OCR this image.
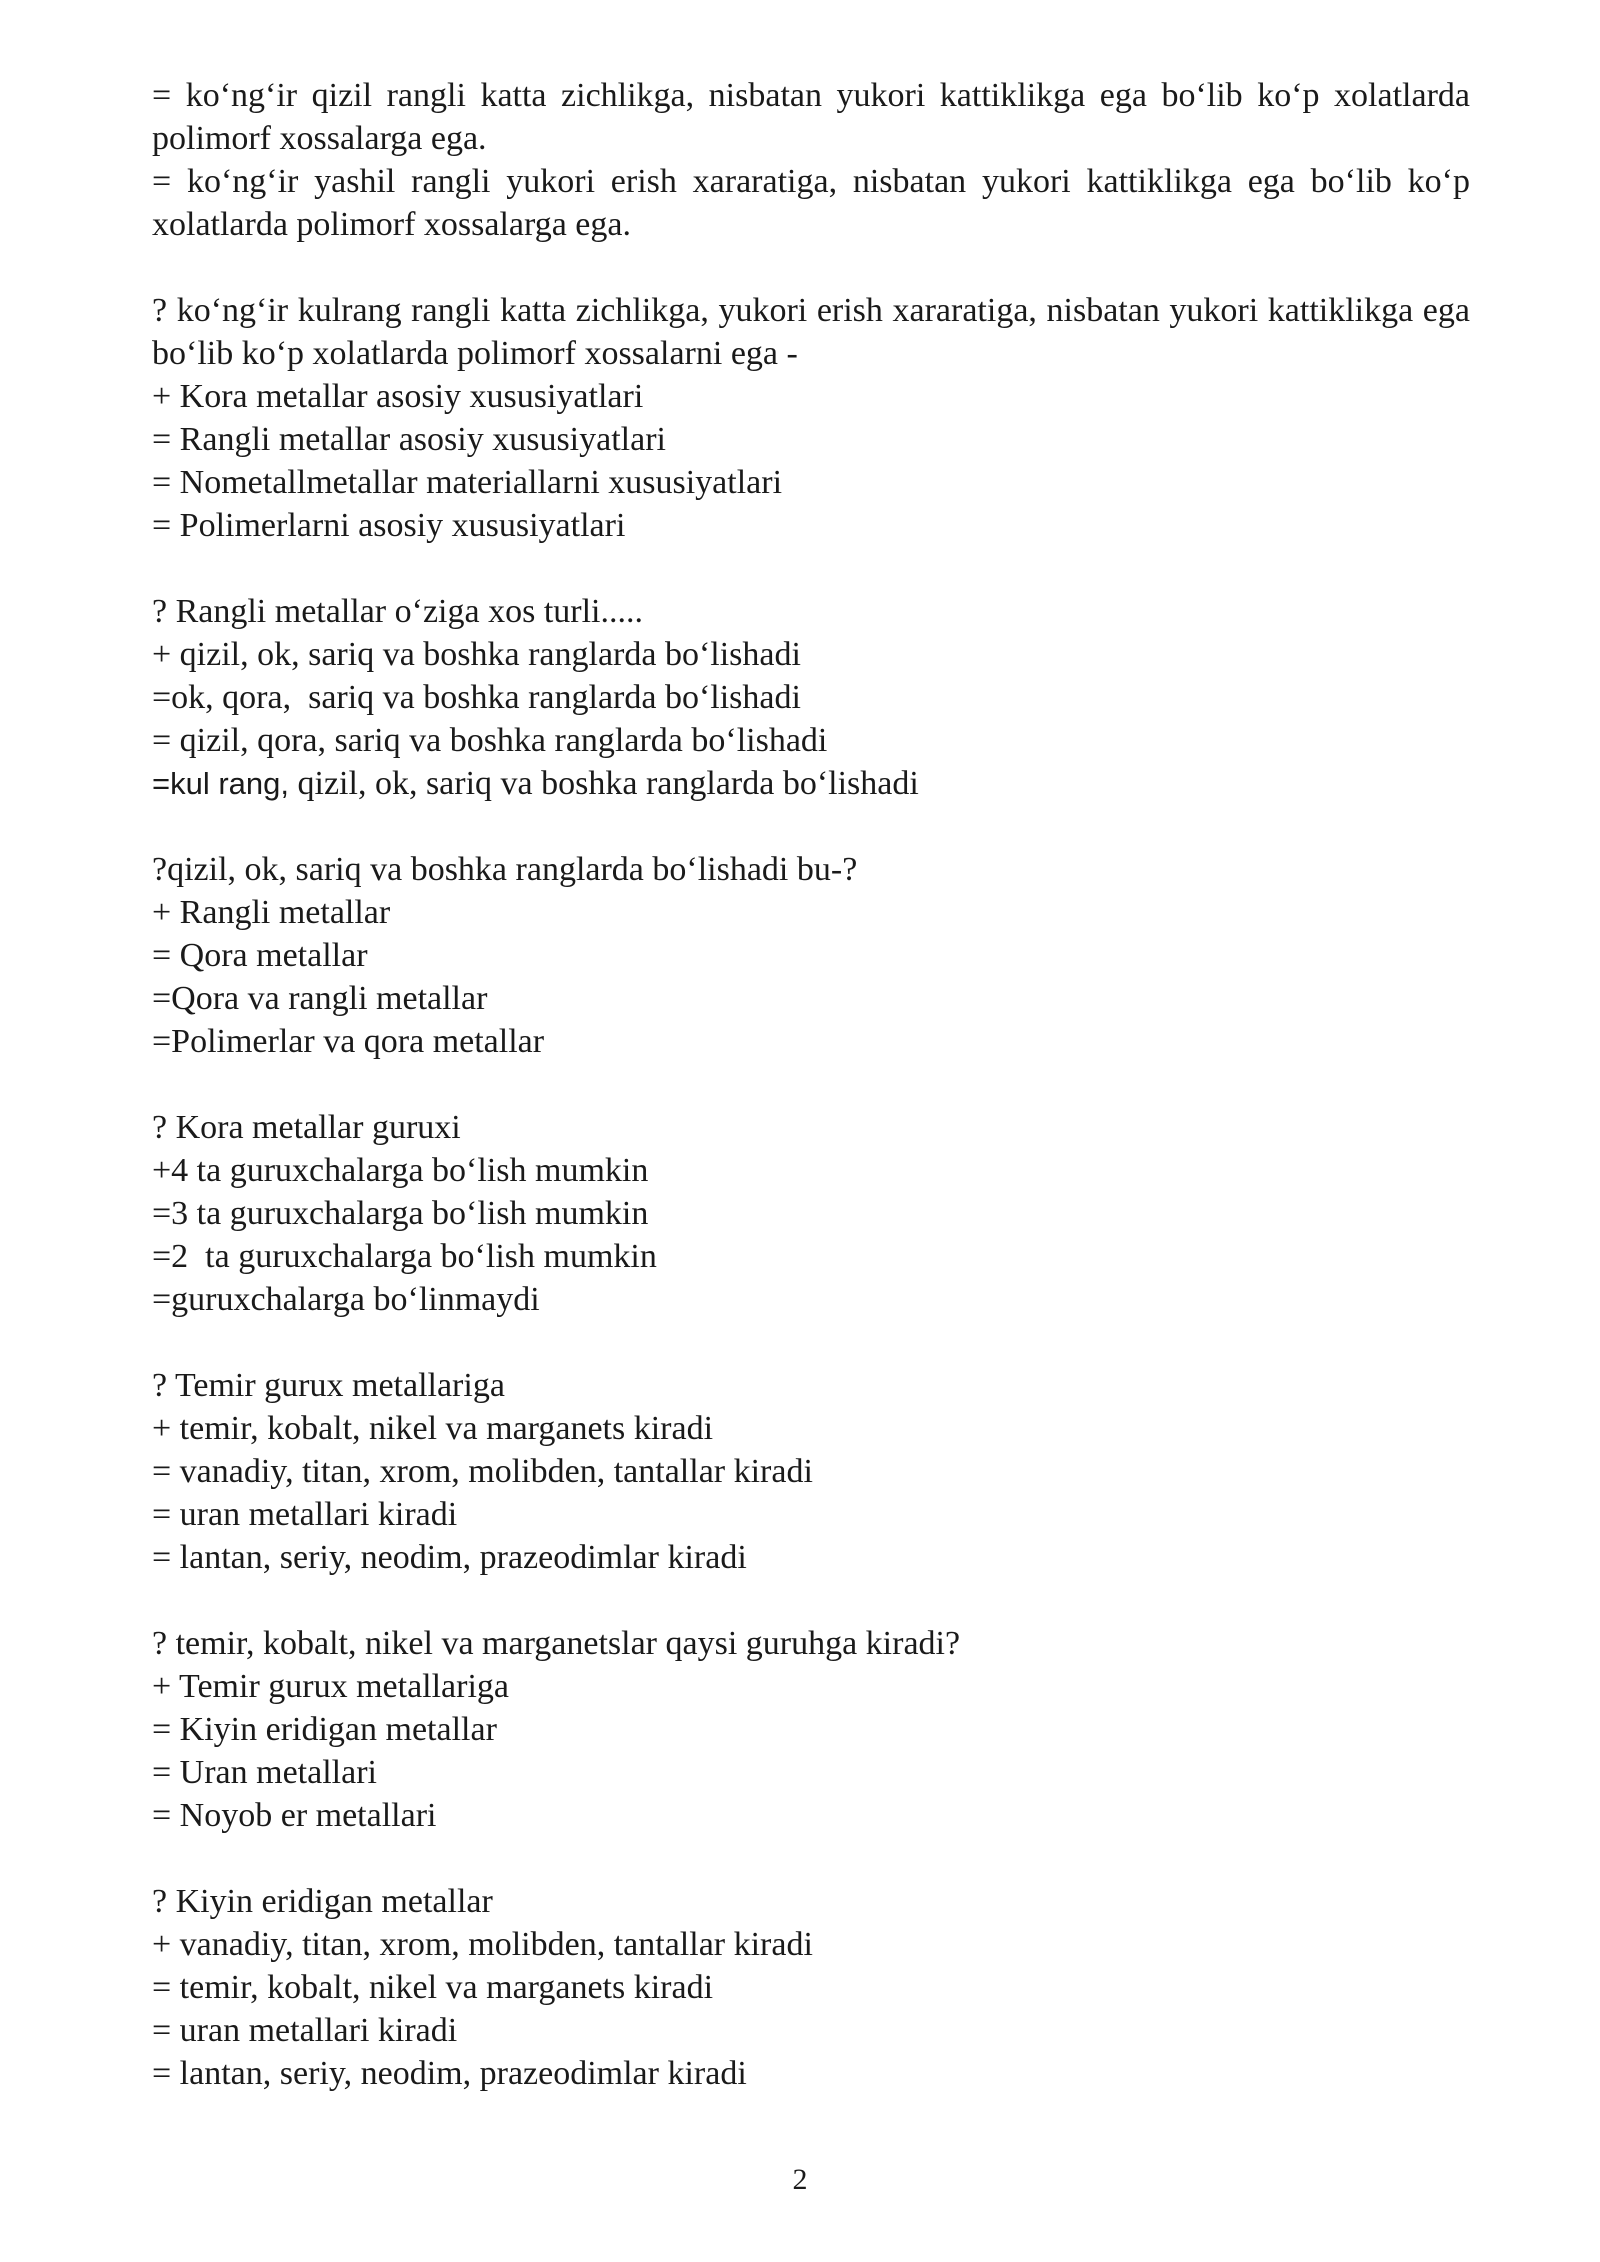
= ko‘ng‘ir qizil rangli katta zichlikga, nisbatan yukori kattiklikga ega bo‘lib ko‘p xolatlarda polimorf xossalarga ega.
= ko‘ng‘ir yashil rangli yukori erish xararatiga, nisbatan yukori kattiklikga ega bo‘lib ko‘p xolatlarda polimorf xossalarga ega.
? ko‘ng‘ir kulrang rangli katta zichlikga, yukori erish xararatiga, nisbatan yukori kattiklikga ega bo‘lib ko‘p xolatlarda polimorf xossalarni ega -
+ Kora metallar asosiy xususiyatlari
= Rangli metallar asosiy xususiyatlari
= Nometallmetallar materiallarni xususiyatlari
= Polimerlarni asosiy xususiyatlari
? Rangli metallar o‘ziga xos turli.....
+ qizil, ok, sariq va boshka ranglarda bo‘lishadi
=ok, qora,  sariq va boshka ranglarda bo‘lishadi
= qizil, qora, sariq va boshka ranglarda bo‘lishadi
=kul rang, qizil, ok, sariq va boshka ranglarda bo‘lishadi
?qizil, ok, sariq va boshka ranglarda bo‘lishadi bu-?
+ Rangli metallar
= Qora metallar
=Qora va rangli metallar
=Polimerlar va qora metallar
? Kora metallar guruxi
+4 ta guruxchalarga bo‘lish mumkin
=3 ta guruxchalarga bo‘lish mumkin
=2  ta guruxchalarga bo‘lish mumkin
=guruxchalarga bo‘linmaydi
? Temir gurux metallariga
+ temir, kobalt, nikel va marganets kiradi
= vanadiy, titan, xrom, molibden, tantallar kiradi
= uran metallari kiradi
= lantan, seriy, neodim, prazeodimlar kiradi
? temir, kobalt, nikel va marganetslar qaysi guruhga kiradi?
+ Temir gurux metallariga
= Kiyin eridigan metallar
= Uran metallari
= Noyob er metallari
? Kiyin eridigan metallar
+ vanadiy, titan, xrom, molibden, tantallar kiradi
= temir, kobalt, nikel va marganets kiradi
= uran metallari kiradi
= lantan, seriy, neodim, prazeodimlar kiradi
2
